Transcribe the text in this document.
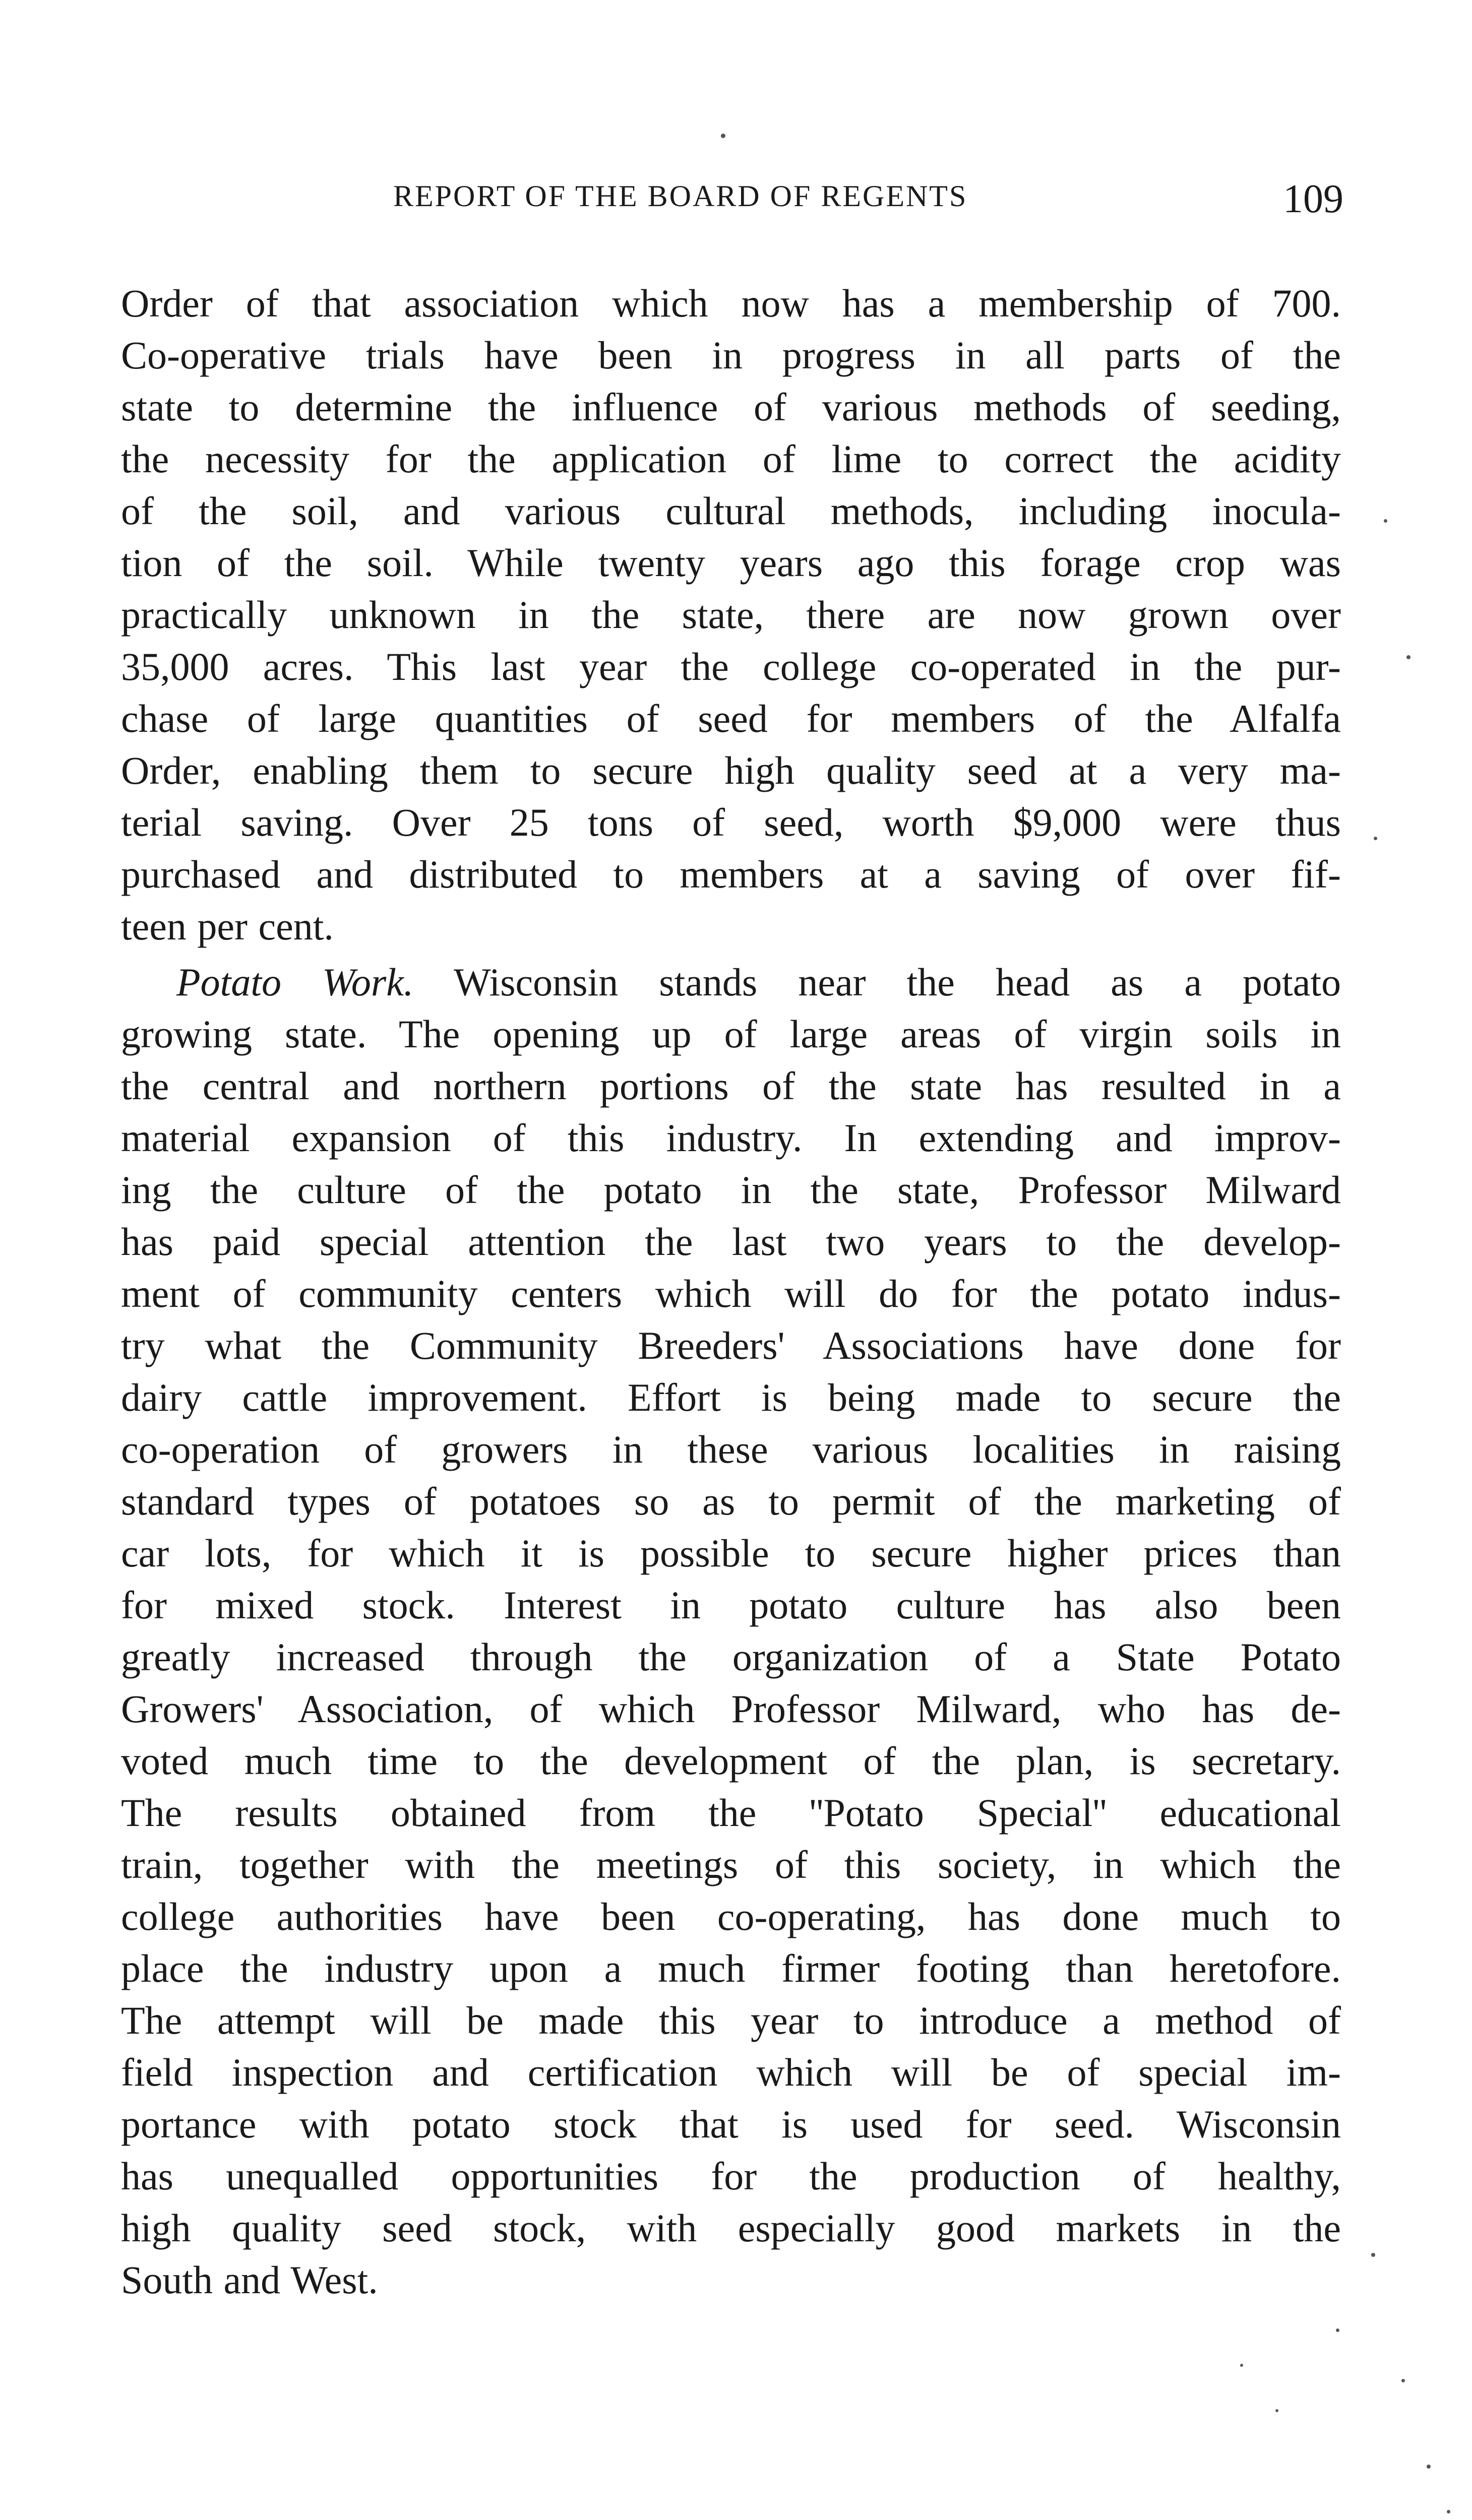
REPORT OF THE BOARD OF REGENTS	109
Order of that association which now has a membership of 700.
Co-operative trials have been in progress in all parts of the
state to determine the influence of various methods of seeding,
the necessity for the application of lime to correct the acidity
of the soil, and various cultural methods, including inocula-
tion of the soil. While twenty years ago this forage crop was
practically unknown in the state, there are now grown over
35,000 acres. This last year the college co-operated in the pur-
chase of large quantities of seed for members of the Alfalfa
Order, enabling them to secure high quality seed at a very ma-
terial saving. Over 25 tons of seed, worth $9,000 were thus
purchased and distributed to members at a saving of over fif-
teen per cent.
Potato Work. Wisconsin stands near the head as a potato
growing state. The opening up of large areas of virgin soils in
the central and northern portions of the state has resulted in a
material expansion of this industry. In extending and improv-
ing the culture of the potato in the state, Professor Milward
has paid special attention the last two years to the develop-
ment of community centers which will do for the potato indus-
try what the Community Breeders' Associations have done for
dairy cattle improvement. Effort is being made to secure the
co-operation of growers in these various localities in raising
standard types of potatoes so as to permit of the marketing of
car lots, for which it is possible to secure higher prices than
for mixed stock. Interest in potato culture has also been
greatly increased through the organization of a State Potato
Growers' Association, of which Professor Milward, who has de-
voted much time to the development of the plan, is secretary.
The results obtained from the ''Potato Special'' educational
train, together with the meetings of this society, in which the
college authorities have been co-operating, has done much to
place the industry upon a much firmer footing than heretofore.
The attempt will be made this year to introduce a method of
field inspection and certification which will be of special im-
portance with potato stock that is used for seed. Wisconsin
has unequalled opportunities for the production of healthy,
high quality seed stock, with especially good markets in the
South and West.
